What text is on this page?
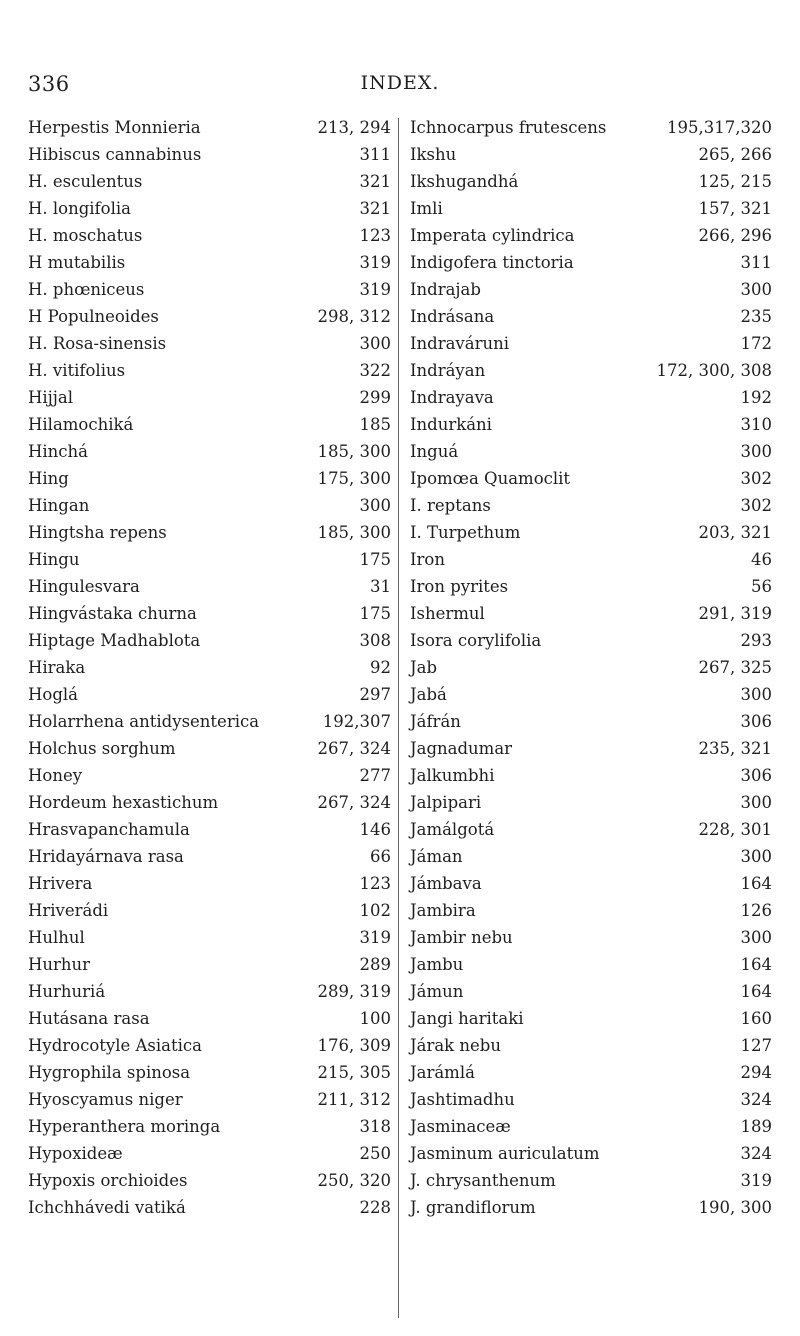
336	INDEX.
Herpestis Monnieria	213, 294
Hibiscus cannabinus	311
H. esculentus	321
H. longifolia	321
H. moschatus	123
H mutabilis	319
H. phœniceus	319
H Populneoides	298, 312
H. Rosa-sinensis	300
H. vitifolius	322
Hijjal	299
Hilamochiká	185
Hinchá	185, 300
Hing	175, 300
Hingan	300
Hingtsha repens	185, 300
Hingu	175
Hingulesvara	31
Hingvástaka churna	175
Hiptage Madhablota	308
Hiraka	92
Hoglá	297
Holarrhena antidysenterica	192,307
Holchus sorghum	267, 324
Honey	277
Hordeum hexastichum	267, 324
Hrasvapanchamula	146
Hridayárnava rasa	66
Hrivera	123
Hriverádi	102
Hulhul	319
Hurhur	289
Hurhuriá	289, 319
Hutásana rasa	100
Hydrocotyle Asiatica	176, 309
Hygrophila spinosa	215, 305
Hyoscyamus niger	211, 312
Hyperanthera moringa	318
Hypoxideæ	250
Hypoxis orchioides	250, 320
Ichchhávedi vatiká	228
Ichnocarpus frutescens	195,317,320
Ikshu	265, 266
Ikshugandhá	125, 215
Imli	157, 321
Imperata cylindrica	266, 296
Indigofera tinctoria	311
Indrajab	300
Indrásana	235
Indraváruni	172
Indráyan	172, 300, 308
Indrayava	192
Indurkáni	310
Inguá	300
Ipomœa Quamoclit	302
I. reptans	302
I. Turpethum	203, 321
Iron	46
Iron pyrites	56
Ishermul	291, 319
Isora corylifolia	293
Jab	267, 325
Jabá	300
Jáfrán	306
Jagnadumar	235, 321
Jalkumbhi	306
Jalpipari	300
Jamálgotá	228, 301
Jáman	300
Jámbava	164
Jambira	126
Jambir nebu	300
Jambu	164
Jámun	164
Jangi haritaki	160
Járak nebu	127
Jarámlá	294
Jashtimadhu	324
Jasminaceæ	189
Jasminum auriculatum	324
J. chrysanthenum	319
J. grandiflorum	190, 300
